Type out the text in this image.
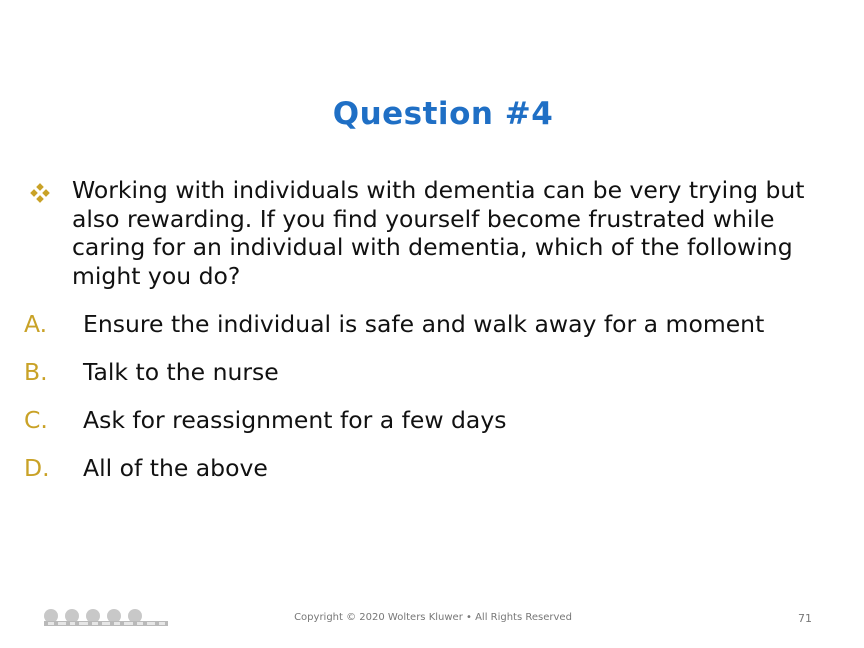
Question #4

Working with individuals with dementia can be very trying but also rewarding. If you find yourself become frustrated while caring for an individual with dementia, which of the following might you do?

A. Ensure the individual is safe and walk away for a moment
B. Talk to the nurse
C. Ask for reassignment for a few days
D. All of the above
Copyright © 2020 Wolters Kluwer • All Rights Reserved	71
